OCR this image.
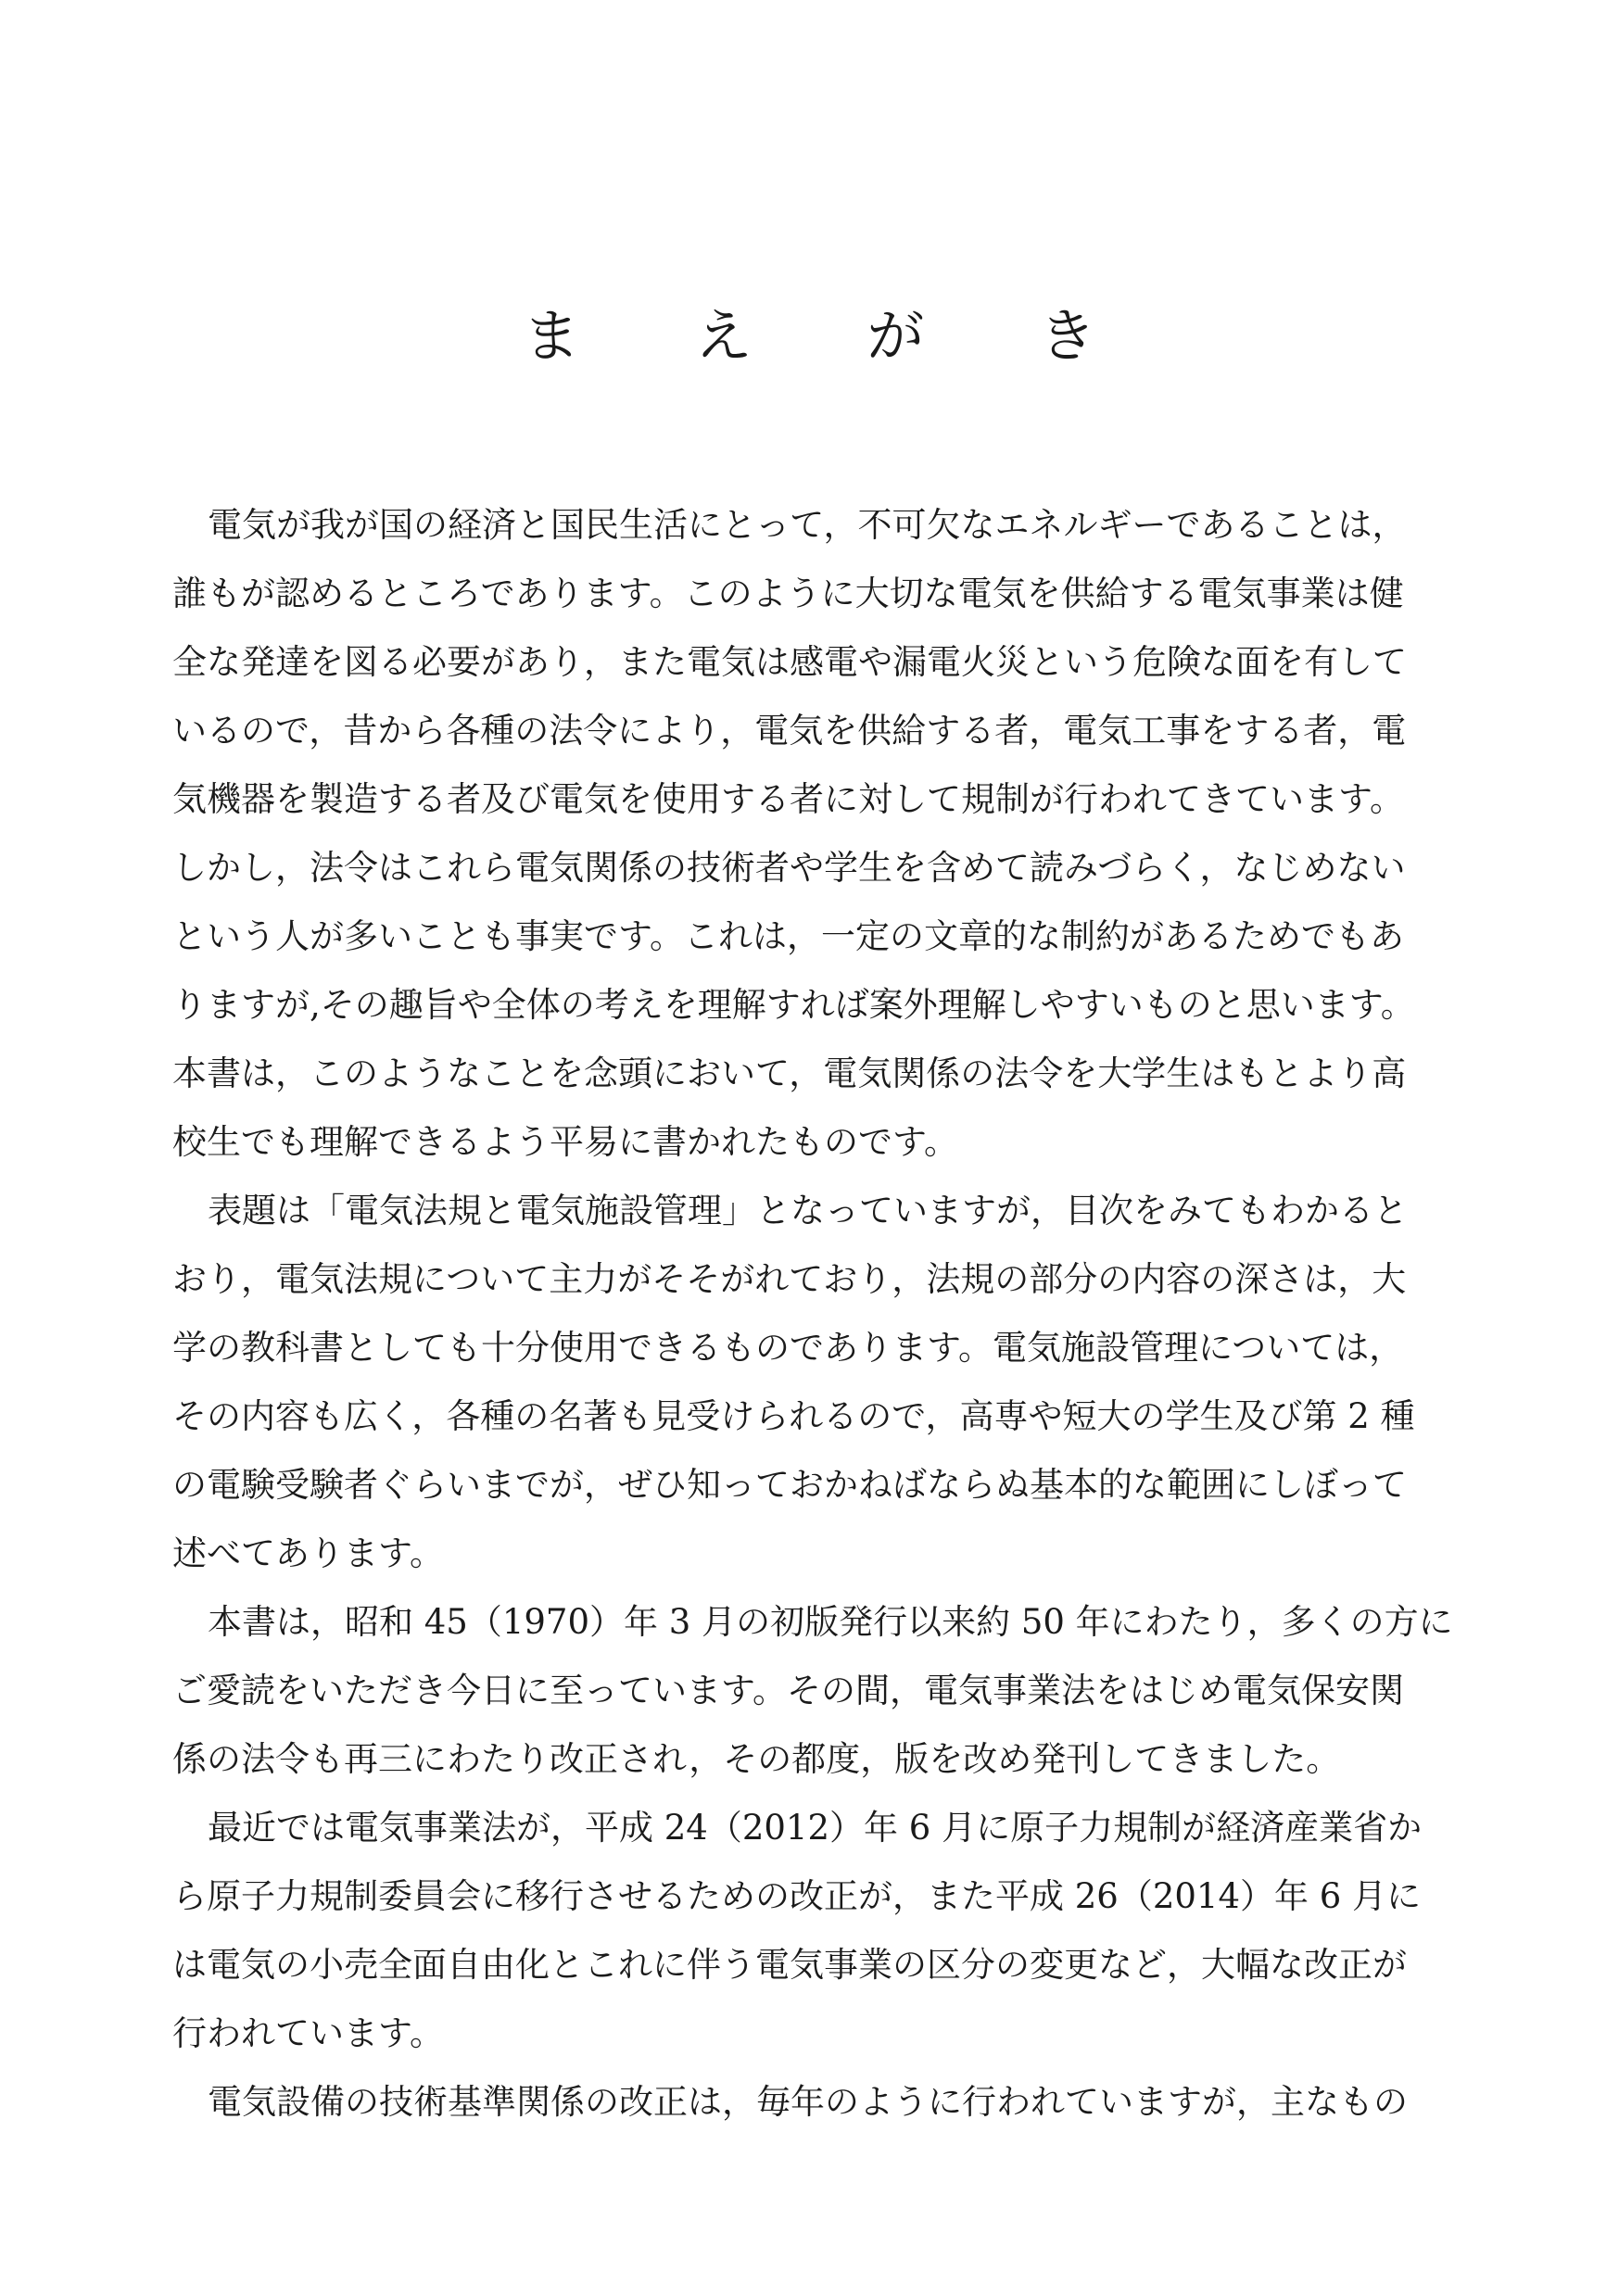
ま え が き
電気が我が国の経済と国民生活にとって，不可欠なエネルギーであることは，
誰もが認めるところであります。このように大切な電気を供給する電気事業は健
全な発達を図る必要があり，また電気は感電や漏電火災という危険な面を有して
いるので，昔から各種の法令により，電気を供給する者，電気工事をする者，電
気機器を製造する者及び電気を使用する者に対して規制が行われてきています。
しかし，法令はこれら電気関係の技術者や学生を含めて読みづらく，なじめない
という人が多いことも事実です。これは，一定の文章的な制約があるためでもあ
りますが,その趣旨や全体の考えを理解すれば案外理解しやすいものと思います。
本書は，このようなことを念頭において，電気関係の法令を大学生はもとより高
校生でも理解できるよう平易に書かれたものです。
表題は「電気法規と電気施設管理」となっていますが，目次をみてもわかると
おり，電気法規について主力がそそがれており，法規の部分の内容の深さは，大
学の教科書としても十分使用できるものであります。電気施設管理については，
その内容も広く，各種の名著も見受けられるので，高専や短大の学生及び第 2 種
の電験受験者ぐらいまでが，ぜひ知っておかねばならぬ基本的な範囲にしぼって
述べてあります。
本書は，昭和 45（1970）年 3 月の初版発行以来約 50 年にわたり，多くの方に
ご愛読をいただき今日に至っています。その間，電気事業法をはじめ電気保安関
係の法令も再三にわたり改正され，その都度，版を改め発刊してきました。
最近では電気事業法が，平成 24（2012）年 6 月に原子力規制が経済産業省か
ら原子力規制委員会に移行させるための改正が，また平成 26（2014）年 6 月に
は電気の小売全面自由化とこれに伴う電気事業の区分の変更など，大幅な改正が
行われています。
電気設備の技術基準関係の改正は，毎年のように行われていますが，主なもの
